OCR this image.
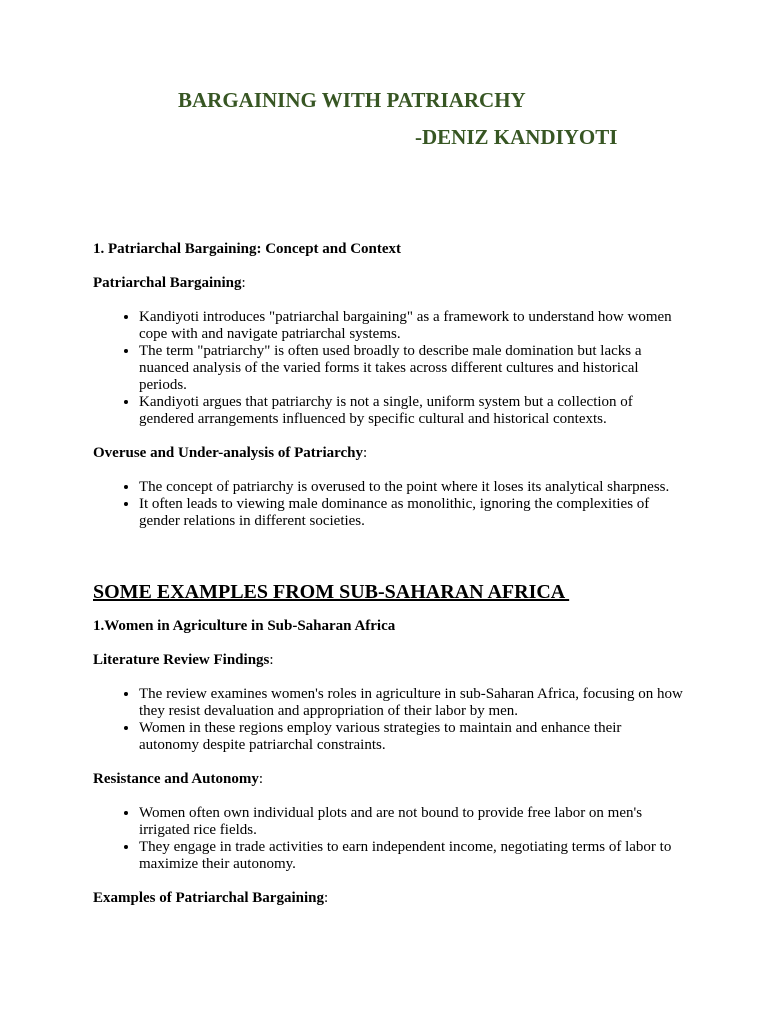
BARGAINING WITH PATRIARCHY
-DENIZ KANDIYOTI

1. Patriarchal Bargaining: Concept and Context

Patriarchal Bargaining:

• Kandiyoti introduces "patriarchal bargaining" as a framework to understand how women cope with and navigate patriarchal systems.
• The term "patriarchy" is often used broadly to describe male domination but lacks a nuanced analysis of the varied forms it takes across different cultures and historical periods.
• Kandiyoti argues that patriarchy is not a single, uniform system but a collection of gendered arrangements influenced by specific cultural and historical contexts.

Overuse and Under-analysis of Patriarchy:

• The concept of patriarchy is overused to the point where it loses its analytical sharpness.
• It often leads to viewing male dominance as monolithic, ignoring the complexities of gender relations in different societies.

SOME EXAMPLES FROM SUB-SAHARAN AFRICA

1.Women in Agriculture in Sub-Saharan Africa

Literature Review Findings:

• The review examines women's roles in agriculture in sub-Saharan Africa, focusing on how they resist devaluation and appropriation of their labor by men.
• Women in these regions employ various strategies to maintain and enhance their autonomy despite patriarchal constraints.

Resistance and Autonomy:

• Women often own individual plots and are not bound to provide free labor on men's irrigated rice fields.
• They engage in trade activities to earn independent income, negotiating terms of labor to maximize their autonomy.

Examples of Patriarchal Bargaining:
